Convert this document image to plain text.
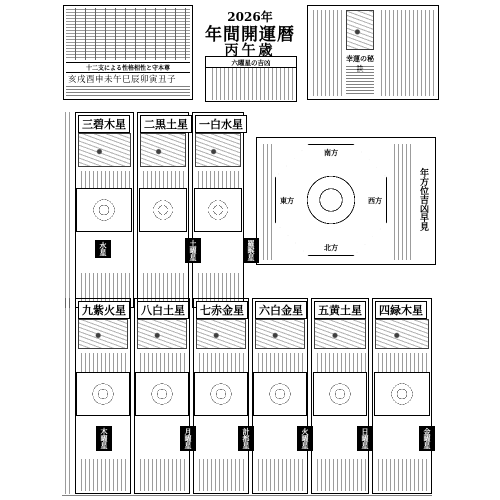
十二支による性格相性と守本尊
亥戌酉申未午巳辰卯寅丑子
2026年
年間開運暦
丙午歳
六曜星の吉凶	幸運の秘
南方
北方
東方	西方	年方位吉凶早見
三碧木星	二黒土星	一白水星
水星	土曜星	羅睺星
九紫火星	八白土星	七赤金星	六白金星	五黄土星	四緑木星
木曜星	月曜星	計都星	火曜星	日曜星	金曜星
